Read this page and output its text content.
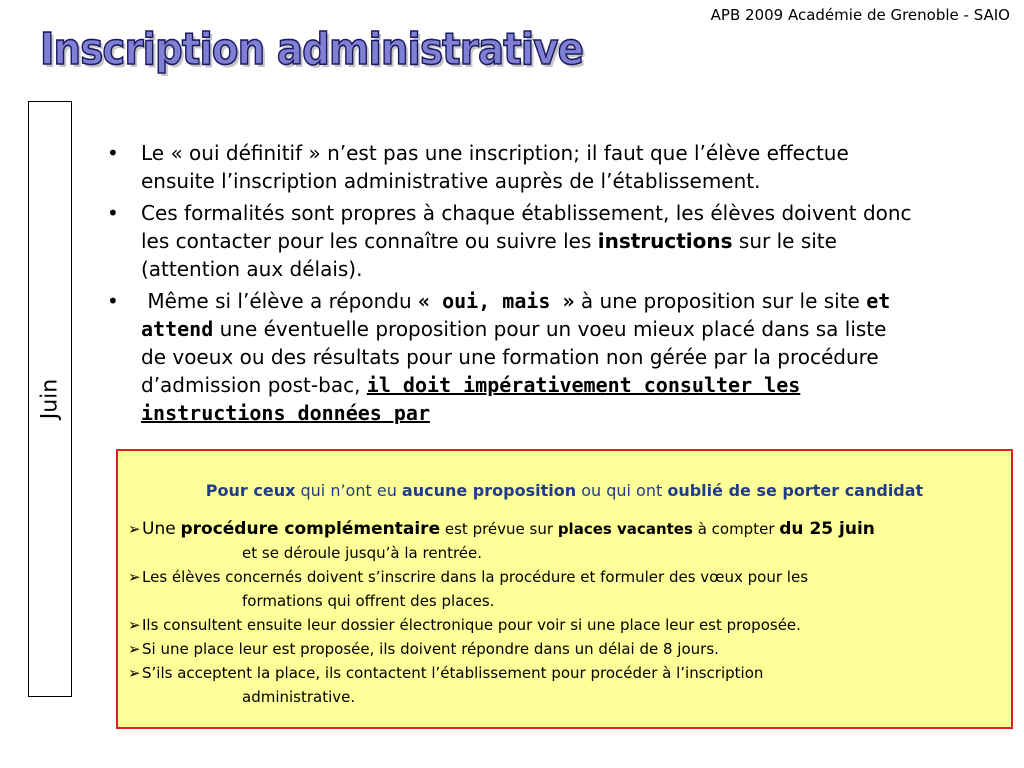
APB 2009 Académie de Grenoble - SAIO
Inscription administrative
Juin
• Le « oui définitif » n’est pas une inscription; il faut que l’élève effectue ensuite l’inscription administrative auprès de l’établissement.
• Ces formalités sont propres à chaque établissement, les élèves doivent donc les contacter pour les connaître ou suivre les instructions sur le site (attention aux délais).
• Même si l’élève a répondu « oui, mais » à une proposition sur le site et attend une éventuelle proposition pour un voeu mieux placé dans sa liste de voeux ou des résultats pour une formation non gérée par la procédure d’admission post-bac, il doit impérativement consulter les instructions données par
Pour ceux qui n’ont eu aucune proposition ou qui ont oublié de se porter candidat
➢ Une procédure complémentaire est prévue sur places vacantes à compter du 25 juin
et se déroule jusqu’à la rentrée.
➢ Les élèves concernés doivent s’inscrire dans la procédure et formuler des vœux pour les
formations qui offrent des places.
➢ Ils consultent ensuite leur dossier électronique pour voir si une place leur est proposée.
➢ Si une place leur est proposée, ils doivent répondre dans un délai de 8 jours.
➢ S’ils acceptent la place, ils contactent l’établissement pour procéder à l’inscription
administrative.
